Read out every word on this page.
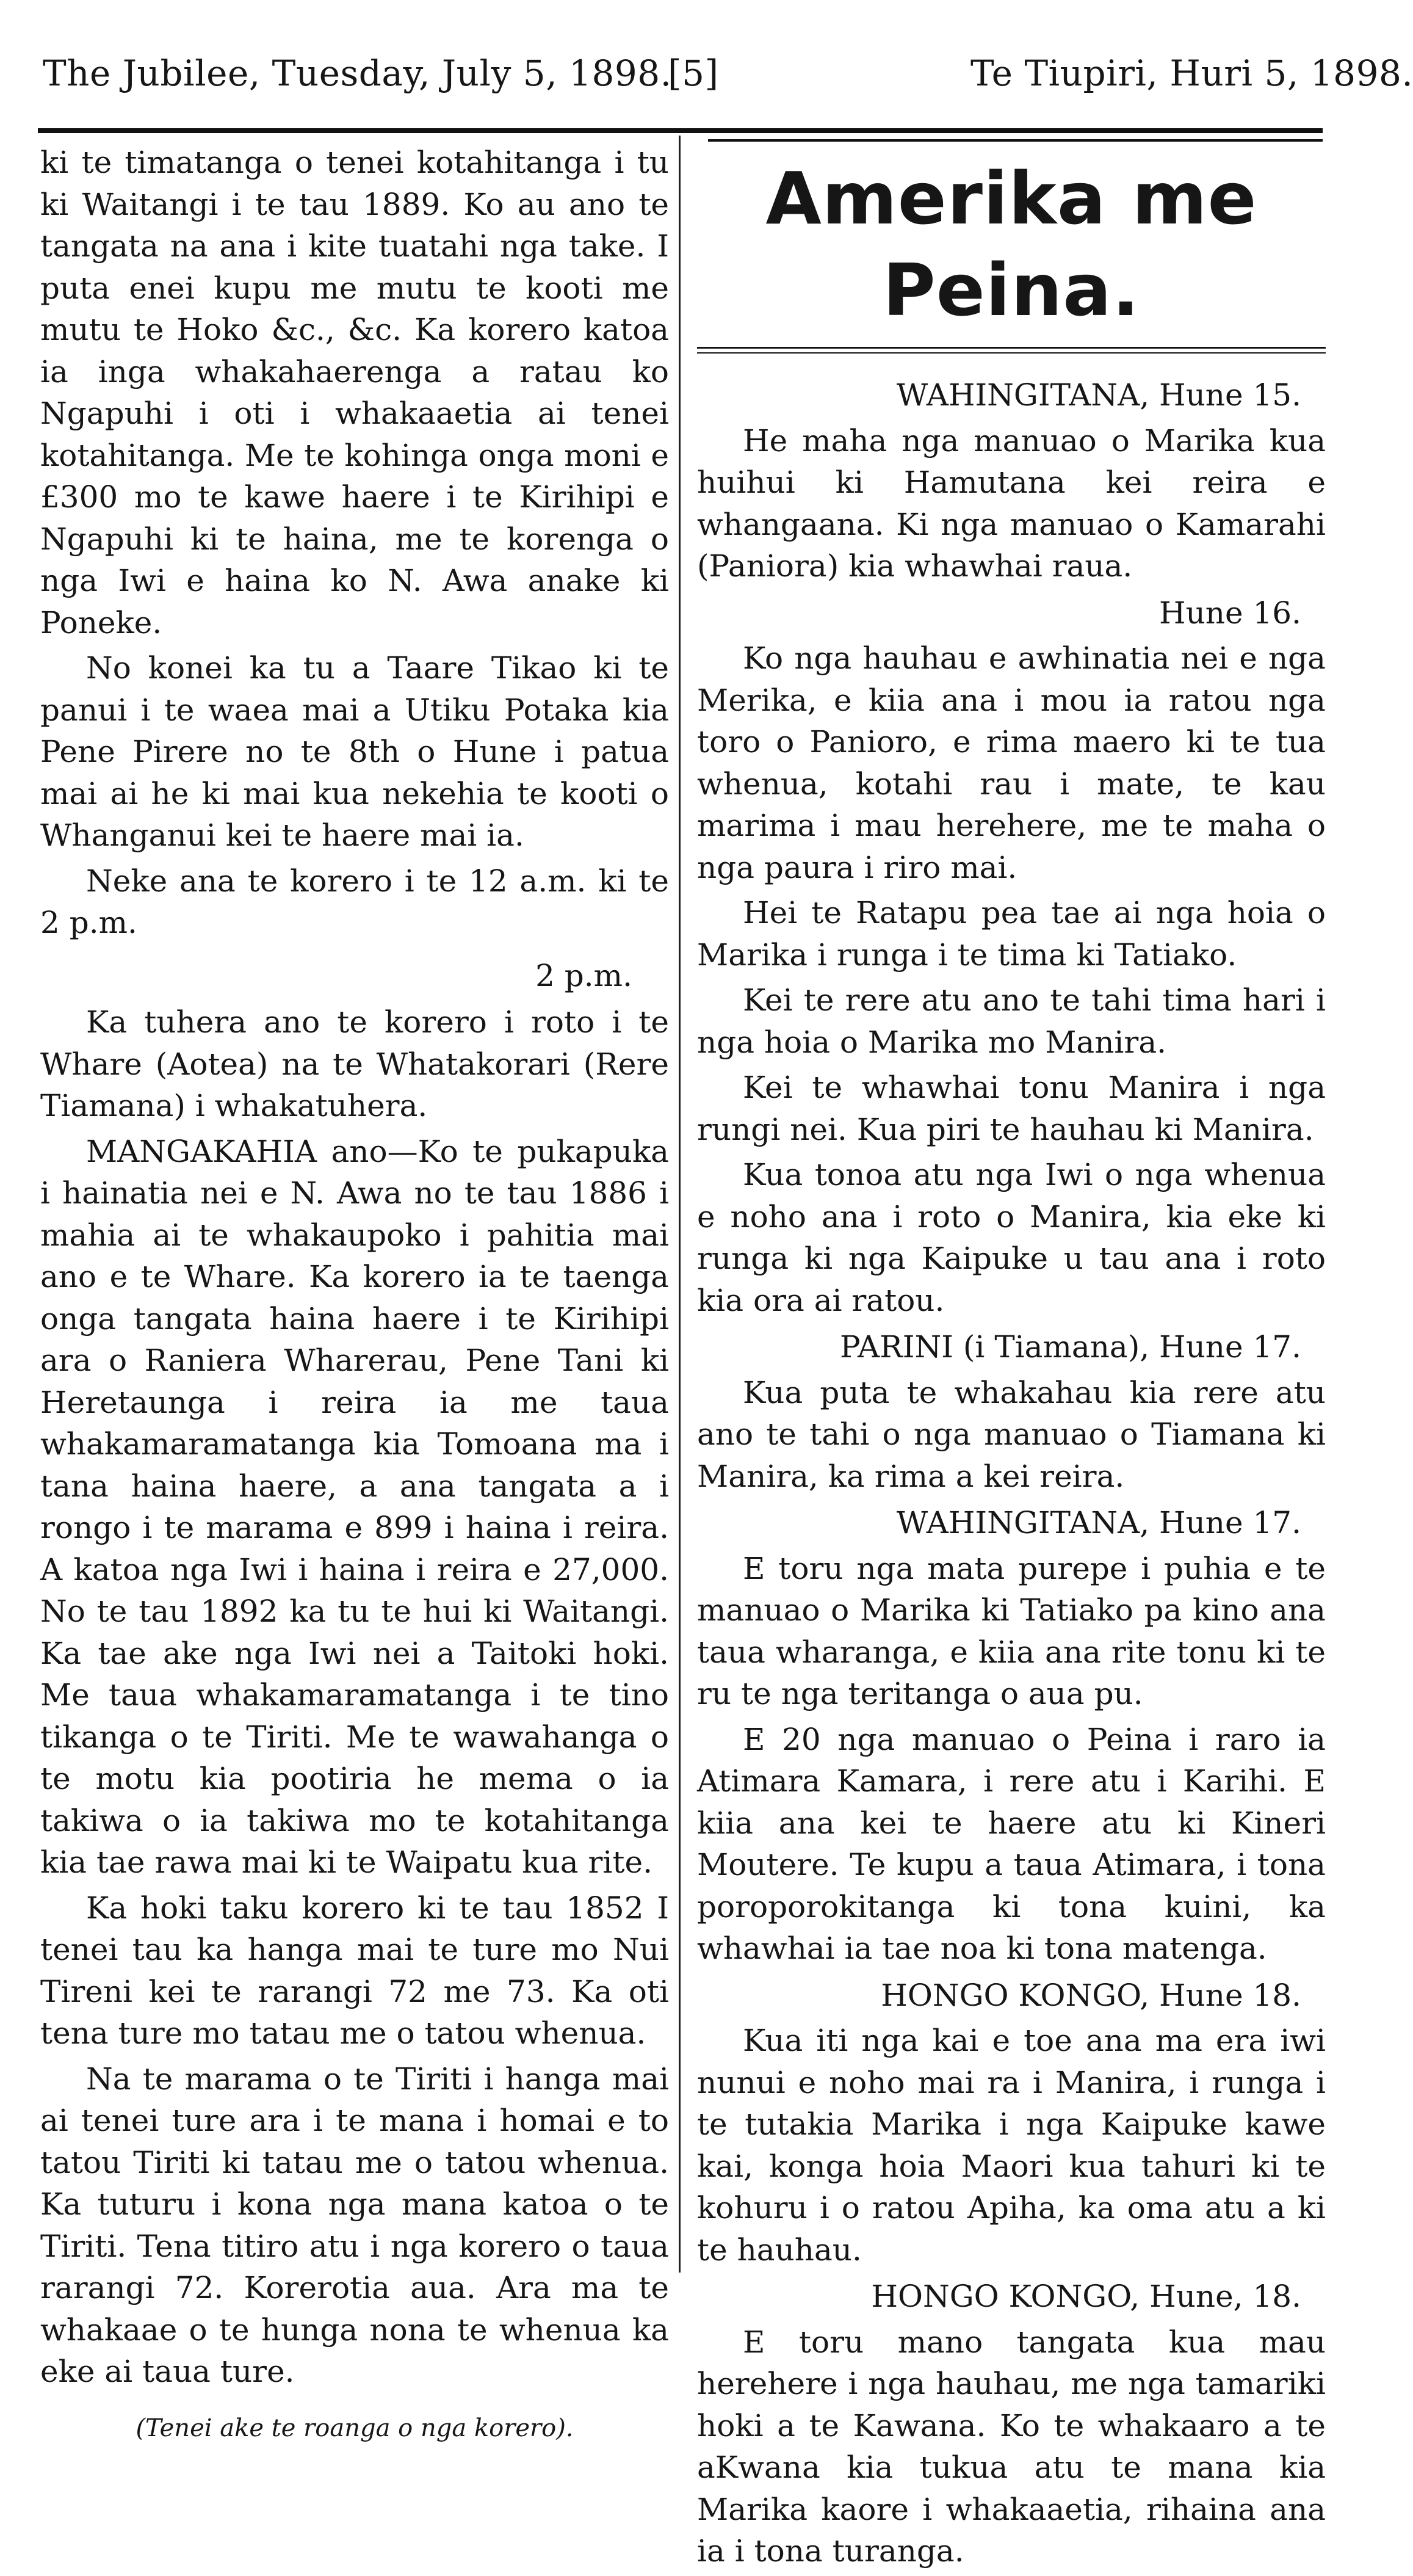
The Jubilee, Tuesday, July 5, 1898.
[5]	Te Tiupiri, Huri 5, 1898.

ki te timatanga o tenei kotahitanga i tu ki Waitangi i te tau 1889. Ko au ano te tangata na ana i kite tuatahi nga take. I puta enei kupu me mutu te kooti me mutu te Hoko &c., &c. Ka korero katoa ia inga whakahaerenga a ratau ko Ngapuhi i oti i whakaaetia ai tenei kotahitanga. Me te kohinga onga moni e £300 mo te kawe haere i te Kirihipi e Ngapuhi ki te haina, me te korenga o nga Iwi e haina ko N. Awa anake ki Poneke.

No konei ka tu a Taare Tikao ki te panui i te waea mai a Utiku Potaka kia Pene Pirere no te 8th o Hune i patua mai ai he ki mai kua nekehia te kooti o Whanganui kei te haere mai ia.

Neke ana te korero i te 12 a.m. ki te 2 p.m.

2 p.m.

Ka tuhera ano te korero i roto i te Whare (Aotea) na te Whatakorari (Rere Tiamana) i whakatuhera.

MANGAKAHIA ano—Ko te pukapuka i hainatia nei e N. Awa no te tau 1886 i mahia ai te whakaupoko i pahitia mai ano e te Whare. Ka korero ia te taenga onga tangata haina haere i te Kirihipi ara o Raniera Wharerau, Pene Tani ki Heretaunga i reira ia me taua whakamaramatanga kia Tomoana ma i tana haina haere, a ana tangata a i rongo i te marama e 899 i haina i reira. A katoa nga Iwi i haina i reira e 27,000. No te tau 1892 ka tu te hui ki Waitangi. Ka tae ake nga Iwi nei a Taitoki hoki. Me taua whakamaramatanga i te tino tikanga o te Tiriti. Me te wawahanga o te motu kia pootiria he mema o ia takiwa o ia takiwa mo te kotahitanga kia tae rawa mai ki te Waipatu kua rite.

Ka hoki taku korero ki te tau 1852 I tenei tau ka hanga mai te ture mo Nui Tireni kei te rarangi 72 me 73. Ka oti tena ture mo tatau me o tatou whenua.

Na te marama o te Tiriti i hanga mai ai tenei ture ara i te mana i homai e to tatou Tiriti ki tatau me o tatou whenua. Ka tuturu i kona nga mana katoa o te Tiriti. Tena titiro atu i nga korero o taua rarangi 72. Korerotia aua. Ara ma te whakaae o te hunga nona te whenua ka eke ai taua ture.

(Tenei ake te roanga o nga korero).

Amerika me Peina.

WAHINGITANA, Hune 15.

He maha nga manuao o Marika kua huihui ki Hamutana kei reira e whangaana. Ki nga manuao o Kamarahi (Paniora) kia whawhai raua.

Hune 16.

Ko nga hauhau e awhinatia nei e nga Merika, e kiia ana i mou ia ratou nga toro o Panioro, e rima maero ki te tua whenua, kotahi rau i mate, te kau marima i mau herehere, me te maha o nga paura i riro mai.

Hei te Ratapu pea tae ai nga hoia o Marika i runga i te tima ki Tatiako.

Kei te rere atu ano te tahi tima hari i nga hoia o Marika mo Manira.

Kei te whawhai tonu Manira i nga rungi nei. Kua piri te hauhau ki Manira.

Kua tonoa atu nga Iwi o nga whenua e noho ana i roto o Manira, kia eke ki runga ki nga Kaipuke u tau ana i roto kia ora ai ratou.

PARINI (i Tiamana), Hune 17.

Kua puta te whakahau kia rere atu ano te tahi o nga manuao o Tiamana ki Manira, ka rima a kei reira.

WAHINGITANA, Hune 17.

E toru nga mata purepe i puhia e te manuao o Marika ki Tatiako pa kino ana taua wharanga, e kiia ana rite tonu ki te ru te nga teritanga o aua pu.

E 20 nga manuao o Peina i raro ia Atimara Kamara, i rere atu i Karihi. E kiia ana kei te haere atu ki Kineri Moutere. Te kupu a taua Atimara, i tona poroporokitanga ki tona kuini, ka whawhai ia tae noa ki tona matenga.

HONGO KONGO, Hune 18.

Kua iti nga kai e toe ana ma era iwi nunui e noho mai ra i Manira, i runga i te tutakia Marika i nga Kaipuke kawe kai, konga hoia Maori kua tahuri ki te kohuru i o ratou Apiha, ka oma atu a ki te hauhau.

HONGO KONGO, Hune, 18.

E toru mano tangata kua mau herehere i nga hauhau, me nga tamariki hoki a te Kawana. Ko te whakaaro a te aKwana kia tukua atu te mana kia Marika kaore i whakaaetia, rihaina ana ia i tona turanga.
